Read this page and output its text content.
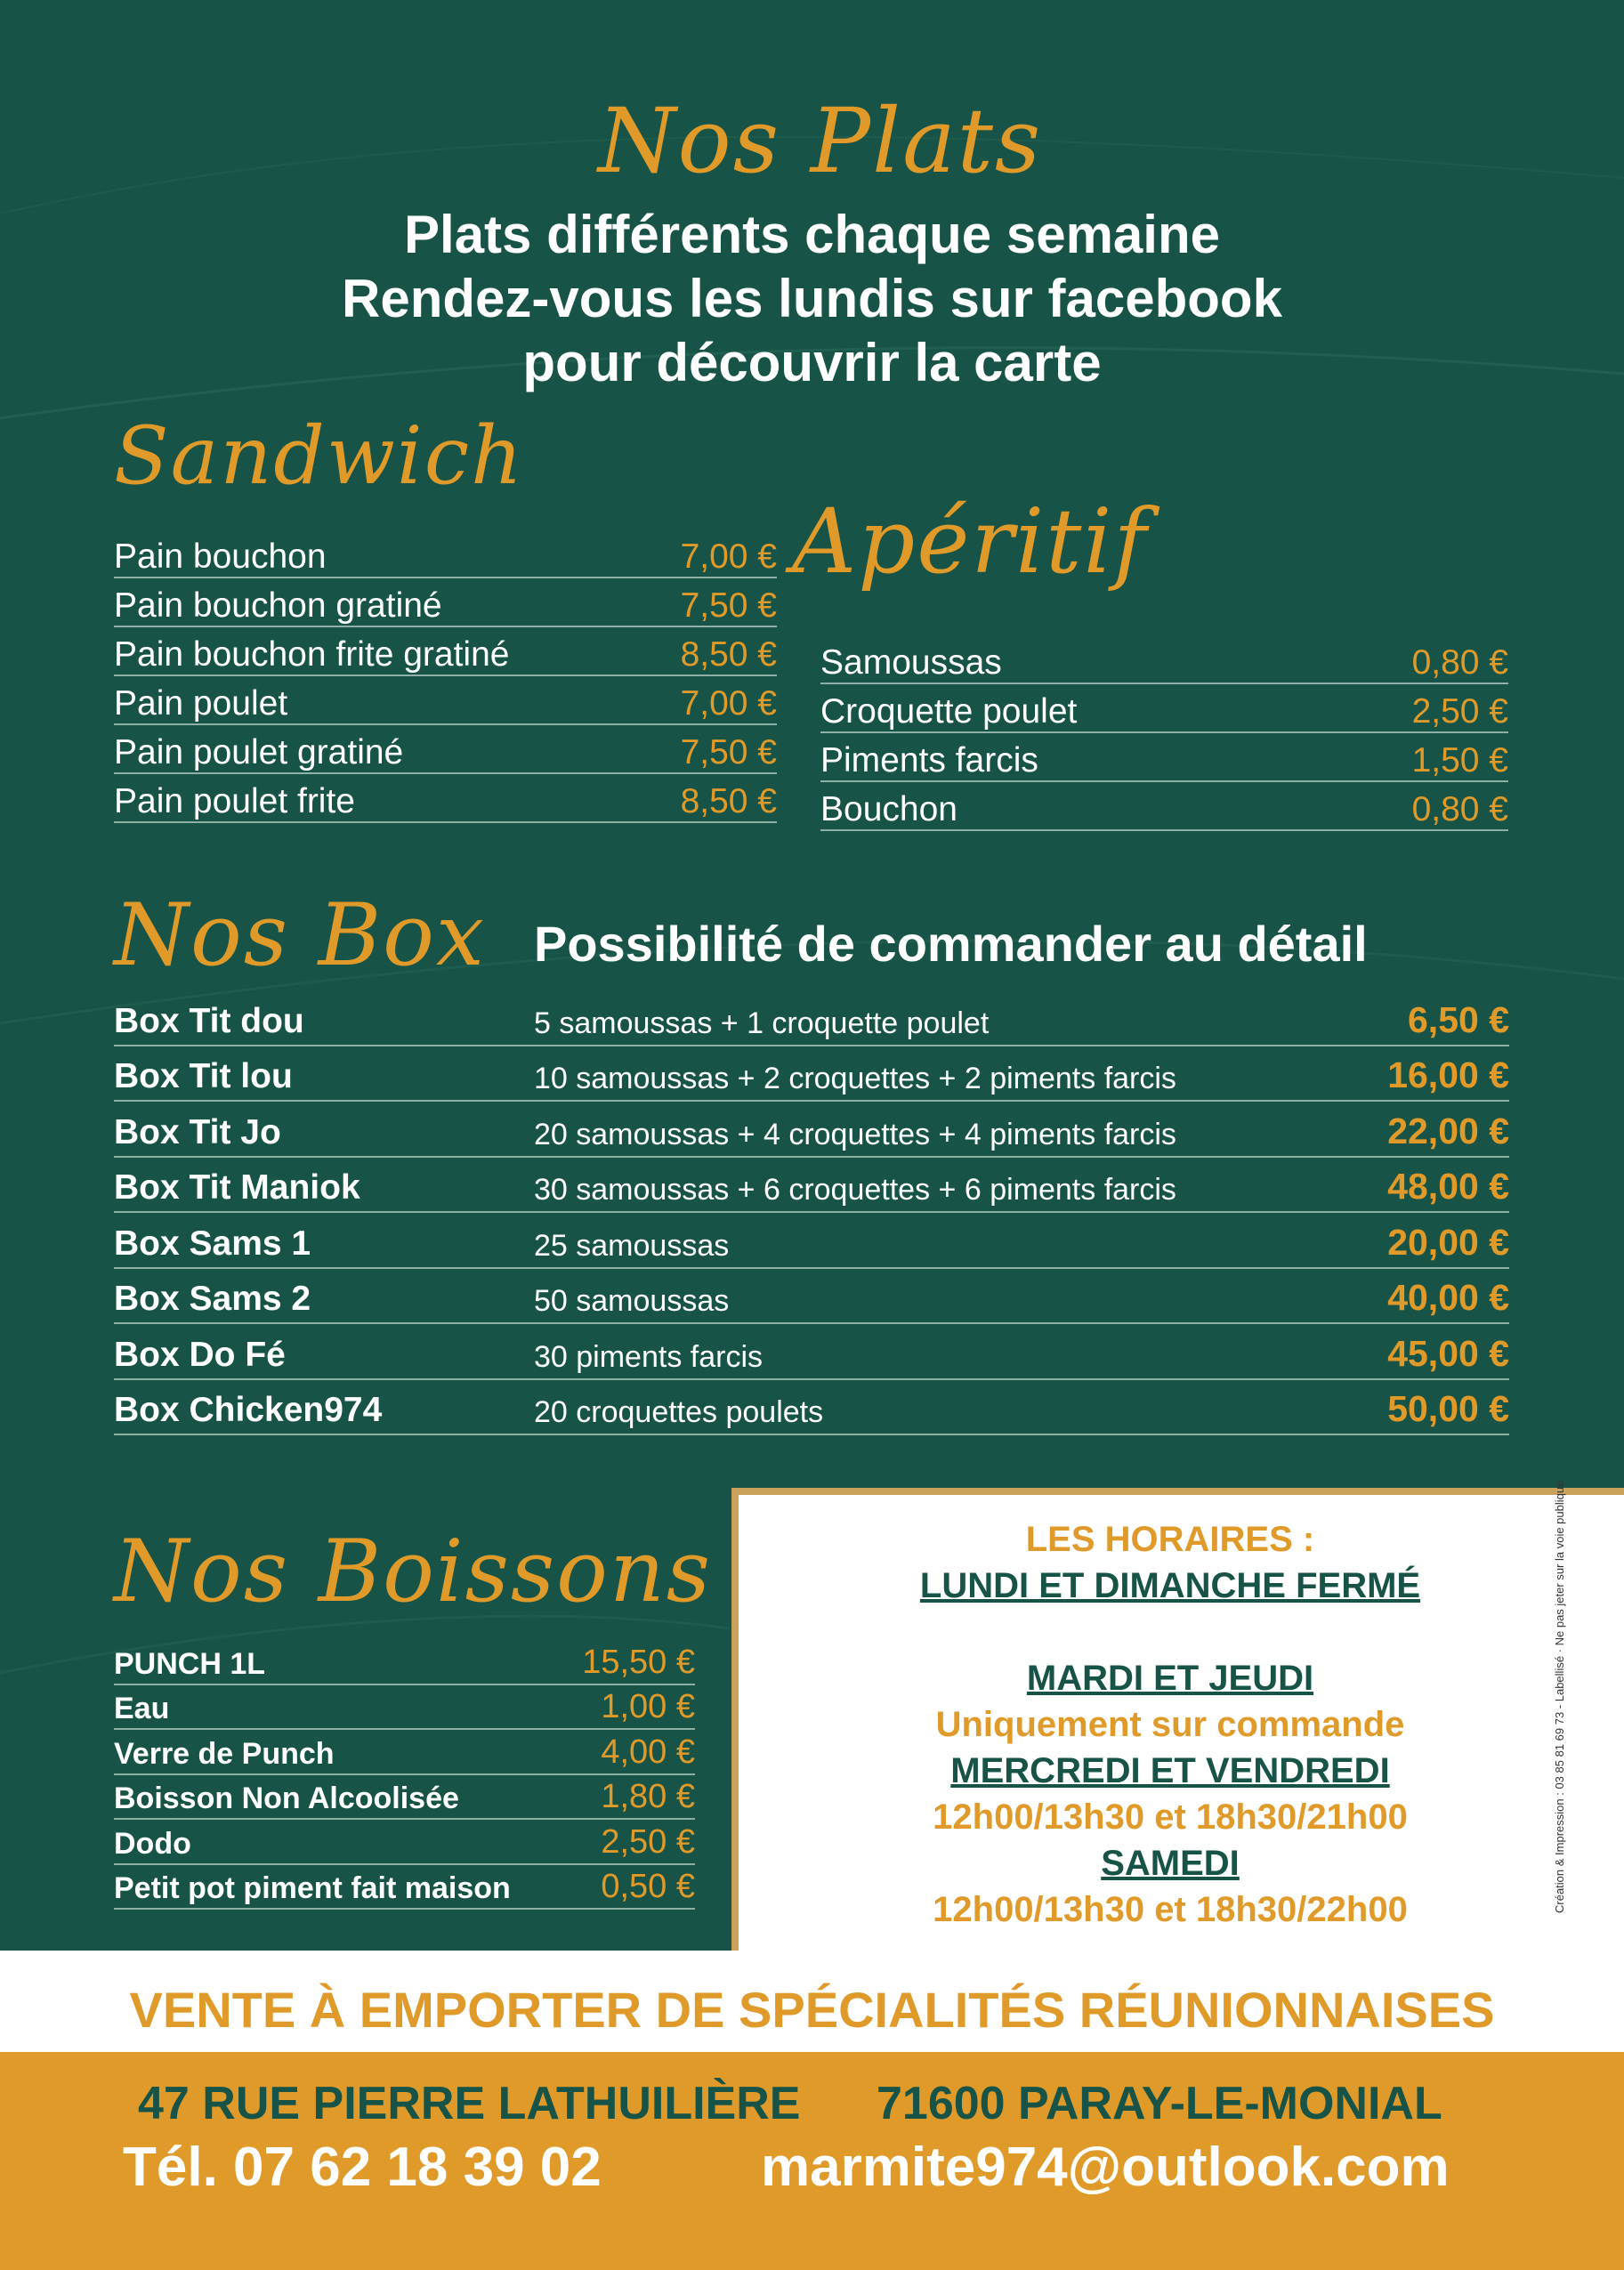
Nos Plats
Plats différents chaque semaine
Rendez-vous les lundis sur facebook
pour découvrir la carte
Sandwich
Pain bouchon	7,00 €
Pain bouchon gratiné	7,50 €
Pain bouchon frite gratiné	8,50 €
Pain poulet	7,00 €
Pain poulet gratiné	7,50 €
Pain poulet frite	8,50 €
Apéritif
Samoussas	0,80 €
Croquette poulet	2,50 €
Piments farcis	1,50 €
Bouchon	0,80 €
Nos Box Possibilité de commander au détail
Box Tit dou	5 samoussas + 1 croquette poulet	6,50 €
Box Tit lou	10 samoussas + 2 croquettes + 2 piments farcis	16,00 €
Box Tit Jo	20 samoussas + 4 croquettes + 4 piments farcis	22,00 €
Box Tit Maniok	30 samoussas + 6 croquettes + 6 piments farcis	48,00 €
Box Sams 1	25 samoussas	20,00 €
Box Sams 2	50 samoussas	40,00 €
Box Do Fé	30 piments farcis	45,00 €
Box Chicken974	20 croquettes poulets	50,00 €
Nos Boissons
PUNCH 1L	15,50 €
Eau	1,00 €
Verre de Punch	4,00 €
Boisson Non Alcoolisée	1,80 €
Dodo	2,50 €
Petit pot piment fait maison	0,50 €
LES HORAIRES :
LUNDI ET DIMANCHE FERMÉ
MARDI ET JEUDI
Uniquement sur commande
MERCREDI ET VENDREDI
12h00/13h30 et 18h30/21h00
SAMEDI
12h00/13h30 et 18h30/22h00	Création & Impression : 03 85 81 69 73 - Labellisé · Ne pas jeter sur la voie publique
VENTE À EMPORTER DE SPÉCIALITÉS RÉUNIONNAISES
47 RUE PIERRE LATHUILIÈRE 71600 PARAY-LE-MONIAL
Tél. 07 62 18 39 02	marmite974@outlook.com
